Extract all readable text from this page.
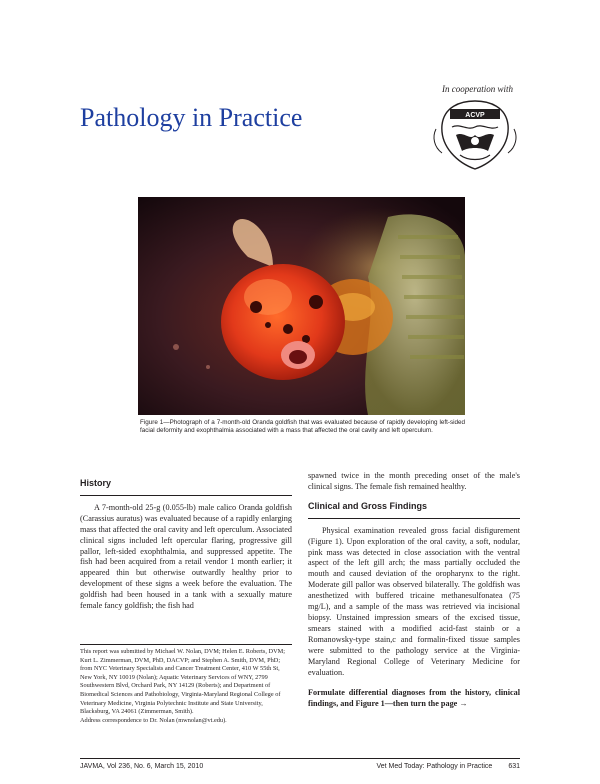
In cooperation with
Pathology in Practice	ACVP
Figure 1—Photograph of a 7-month-old Oranda goldfish that was evaluated because of rapidly developing left-sided facial deformity and exophthalmia associated with a mass that affected the oral cavity and left operculum.
History

A 7-month-old 25-g (0.055-lb) male calico Oranda goldfish (Carassius auratus) was evaluated because of a rapidly enlarging mass that affected the oral cavity and left operculum. Associated clinical signs included left opercular flaring, progressive gill pallor, left-sided exophthalmia, and suppressed appetite. The fish had been acquired from a retail vendor 1 month earlier; it appeared thin but otherwise outwardly healthy prior to development of these signs a week before the evaluation. The goldfish had been housed in a tank with a sexually mature female fancy goldfish; the fish had

This report was submitted by Michael W. Nolan, DVM; Helen E. Roberts, DVM; Kurt L. Zimmerman, DVM, PhD, DACVP; and Stephen A. Smith, DVM, PhD; from NYC Veterinary Specialists and Cancer Treatment Center, 410 W 55th St, New York, NY 10019 (Nolan); Aquatic Veterinary Services of WNY, 2799 Southwestern Blvd, Orchard Park, NY 14129 (Roberts); and Department of Biomedical Sciences and Pathobiology, Virginia-Maryland Regional College of Veterinary Medicine, Virginia Polytechnic Institute and State University, Blacksburg, VA 24061 (Zimmerman, Smith).
Address correspondence to Dr. Nolan (mwnolan@vt.edu).

spawned twice in the month preceding onset of the male's clinical signs. The female fish remained healthy.

Clinical and Gross Findings

Physical examination revealed gross facial disfigurement (Figure 1). Upon exploration of the oral cavity, a soft, nodular, pink mass was detected in close association with the ventral aspect of the left gill arch; the mass partially occluded the mouth and caused deviation of the oropharynx to the right. Moderate gill pallor was observed bilaterally. The goldfish was anesthetized with buffered tricaine methanesulfonatea (75 mg/L), and a sample of the mass was retrieved via incisional biopsy. Unstained impression smears of the excised tissue, smears stained with a modified acid-fast stainb or a Romanowsky-type stain,c and formalin-fixed tissue samples were submitted to the pathology service at the Virginia-Maryland Regional College of Veterinary Medicine for evaluation.

Formulate differential diagnoses from the history, clinical findings, and Figure 1—then turn the page →

JAVMA, Vol 236, No. 6, March 15, 2010	Vet Med Today: Pathology in Practice 631
